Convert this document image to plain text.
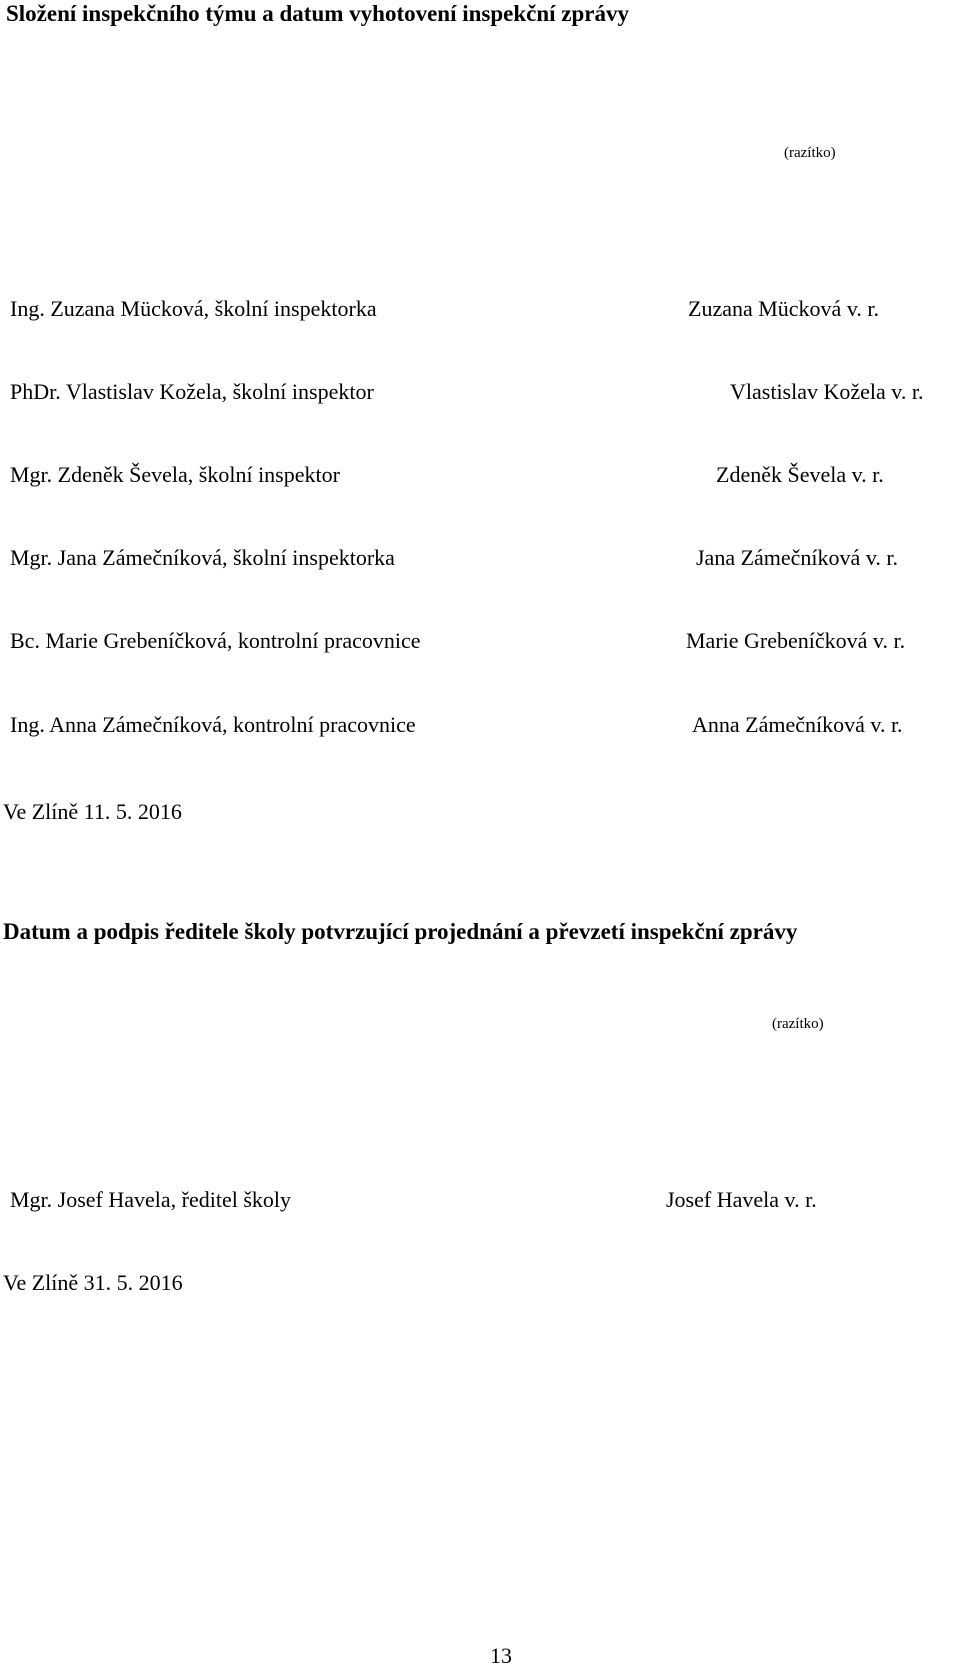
Složení inspekčního týmu a datum vyhotovení inspekční zprávy
(razítko)
Ing. Zuzana Mücková, školní inspektorka	Zuzana Mücková v. r.
PhDr. Vlastislav Kožela, školní inspektor	Vlastislav Kožela v. r.
Mgr. Zdeněk Ševela, školní inspektor	Zdeněk Ševela v. r.
Mgr. Jana Zámečníková, školní inspektorka	Jana Zámečníková v. r.
Bc. Marie Grebeníčková, kontrolní pracovnice	Marie Grebeníčková v. r.
Ing. Anna Zámečníková, kontrolní pracovnice	Anna Zámečníková v. r.
Ve Zlíně 11. 5. 2016
Datum a podpis ředitele školy potvrzující projednání a převzetí inspekční zprávy
(razítko)
Mgr. Josef Havela, ředitel školy	Josef Havela v. r.
Ve Zlíně 31. 5. 2016
13
